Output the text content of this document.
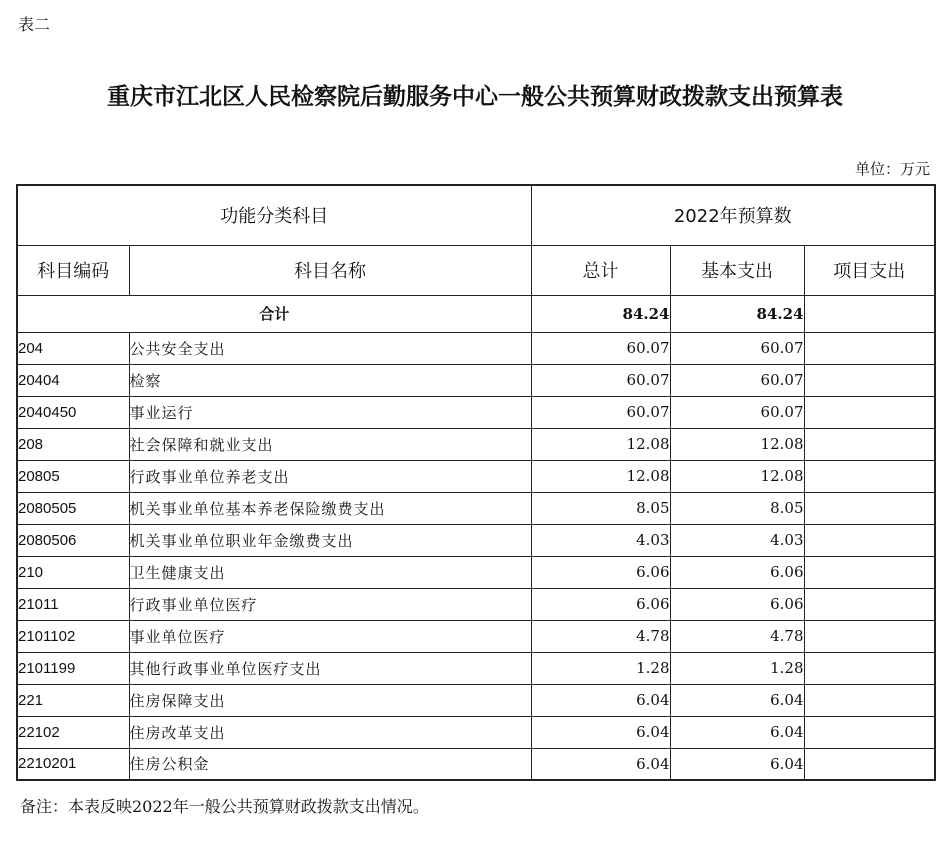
表二
重庆市江北区人民检察院后勤服务中心一般公共预算财政拨款支出预算表
单位：万元
功能分类科目		2022年预算数		
科目编码	科目名称	总计	基本支出	项目支出
合计		84.24	84.24	
204	公共安全支出	60.07	60.07	
20404	检察	60.07	60.07	
2040450	事业运行	60.07	60.07	
208	社会保障和就业支出	12.08	12.08	
20805	行政事业单位养老支出	12.08	12.08	
2080505	机关事业单位基本养老保险缴费支出	8.05	8.05	
2080506	机关事业单位职业年金缴费支出	4.03	4.03	
210	卫生健康支出	6.06	6.06	
21011	行政事业单位医疗	6.06	6.06	
2101102	事业单位医疗	4.78	4.78	
2101199	其他行政事业单位医疗支出	1.28	1.28	
221	住房保障支出	6.04	6.04	
22102	住房改革支出	6.04	6.04	
2210201	住房公积金	6.04	6.04	
备注：本表反映2022年一般公共预算财政拨款支出情况。
